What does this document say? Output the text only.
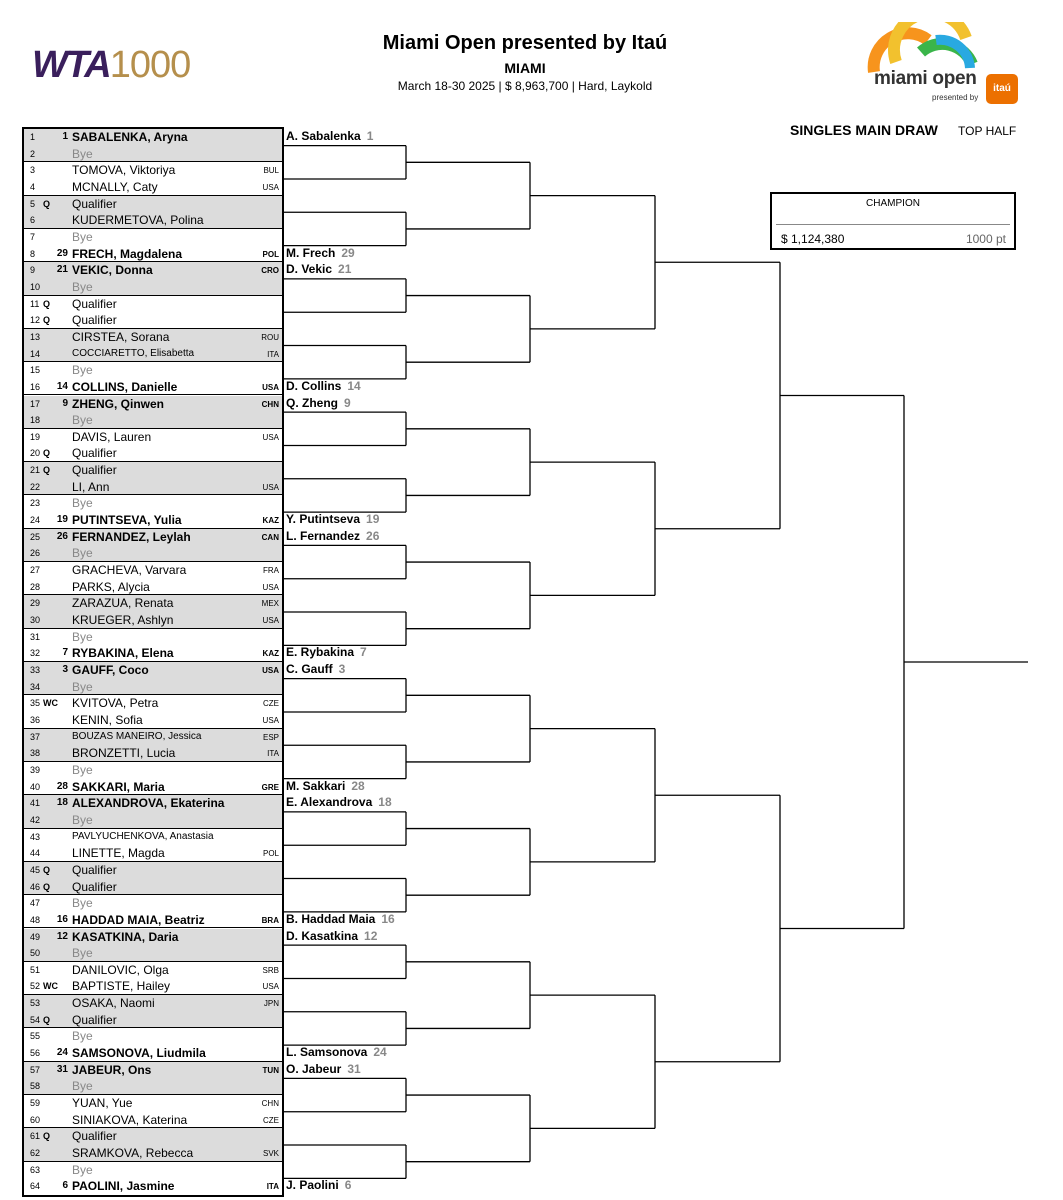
WTA1000
Miami Open presented by Itaú
MIAMI
March 18-30 2025 | $ 8,963,700 | Hard, Laykold	miami open
presented by
itaú
SINGLES MAIN DRAW TOP HALF
CHAMPION
$ 1,124,380	1000 pt
1	1 SABALENKA, Aryna
2	Bye
3	TOMOVA, Viktoriya	BUL
4	MCNALLY, Caty	USA
5 Q Qualifier
6	KUDERMETOVA, Polina
7	Bye
8	29 FRECH, Magdalena	POL
9	21 VEKIC, Donna	CRO
10	Bye
11 Q Qualifier
12 Q Qualifier
13	CIRSTEA, Sorana	ROU
14	COCCIARETTO, Elisabetta	ITA
15	Bye
16	14 COLLINS, Danielle	USA
17	9 ZHENG, Qinwen	CHN
18	Bye
19	DAVIS, Lauren	USA
20 Q Qualifier
21 Q Qualifier
22	LI, Ann	USA
23	Bye
24	19 PUTINTSEVA, Yulia	KAZ
25	26 FERNANDEZ, Leylah	CAN
26	Bye
27	GRACHEVA, Varvara	FRA
28	PARKS, Alycia	USA
29	ZARAZUA, Renata	MEX
30	KRUEGER, Ashlyn	USA
31	Bye
32	7 RYBAKINA, Elena	KAZ
33	3 GAUFF, Coco	USA
34	Bye
35 WC KVITOVA, Petra	CZE
36	KENIN, Sofia	USA
37	BOUZAS MANEIRO, Jessica	ESP
38	BRONZETTI, Lucia	ITA
39	Bye
40	28 SAKKARI, Maria	GRE
41	18 ALEXANDROVA, Ekaterina
42	Bye
43	PAVLYUCHENKOVA, Anastasia
44	LINETTE, Magda	POL
45 Q Qualifier
46 Q Qualifier
47	Bye
48	16 HADDAD MAIA, Beatriz	BRA
49	12 KASATKINA, Daria
50	Bye
51	DANILOVIC, Olga	SRB
52 WC BAPTISTE, Hailey	USA
53	OSAKA, Naomi	JPN
54 Q Qualifier
55	Bye
56	24 SAMSONOVA, Liudmila
57	31 JABEUR, Ons	TUN
58	Bye
59	YUAN, Yue	CHN
60	SINIAKOVA, Katerina	CZE
61 Q Qualifier
62	SRAMKOVA, Rebecca	SVK
63	Bye
64	6 PAOLINI, Jasmine	ITA
A. Sabalenka 1
M. Frech 29
D. Vekic 21
D. Collins 14
Q. Zheng 9
Y. Putintseva 19
L. Fernandez 26
E. Rybakina 7
C. Gauff 3
M. Sakkari 28
E. Alexandrova 18
B. Haddad Maia 16
D. Kasatkina 12
L. Samsonova 24
O. Jabeur 31
J. Paolini 6
